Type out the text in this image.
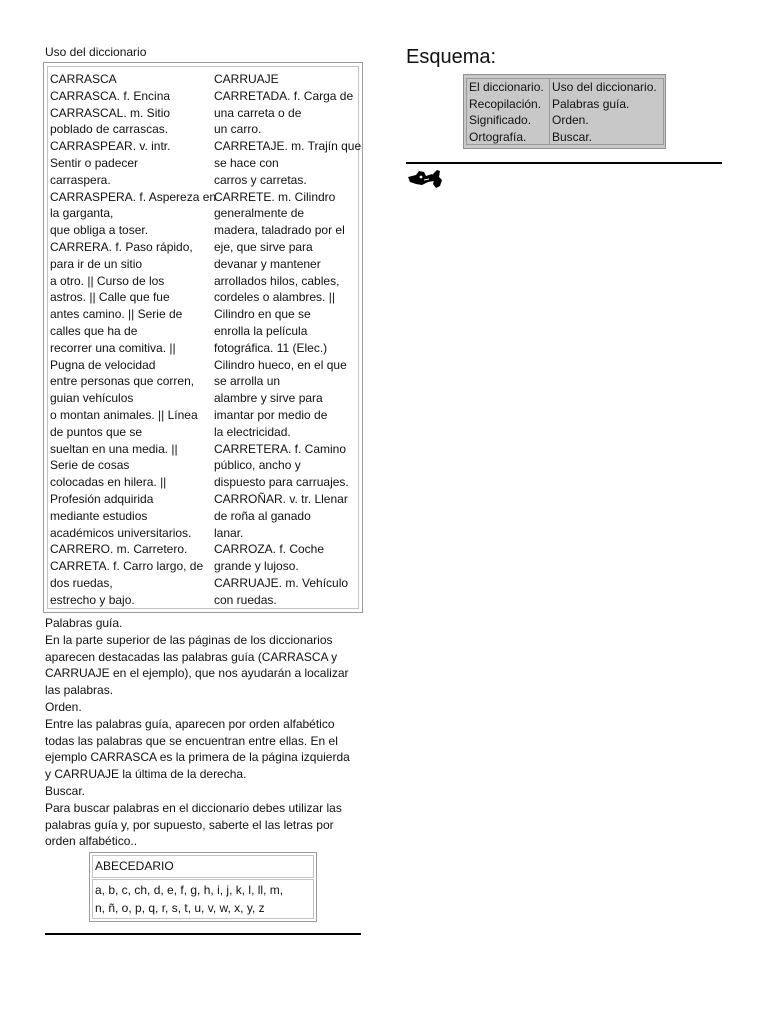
Uso del diccionario
CARRASCA
CARRASCA. f. Encina
CARRASCAL. m. Sitio
poblado de carrascas.
CARRASPEAR. v. intr.
Sentir o padecer
carraspera.
CARRASPERA. f. Aspereza en
la garganta,
que obliga a toser.
CARRERA. f. Paso rápido,
para ir de un sitio
a otro. || Curso de los
astros. || Calle que fue
antes camino. || Serie de
calles que ha de
recorrer una comitiva. ||
Pugna de velocidad
entre personas que corren,
guian vehículos
o montan animales. || Línea
de puntos que se
sueltan en una media. ||
Serie de cosas
colocadas en hilera. ||
Profesión adquirida
mediante estudios
académicos universitarios.
CARRERO. m. Carretero.
CARRETA. f. Carro largo, de
dos ruedas,
estrecho y bajo.
CARRUAJE
CARRETADA. f. Carga de
una carreta o de
un carro.
CARRETAJE. m. Trajín que
se hace con
carros y carretas.
CARRETE. m. Cilindro
generalmente de
madera, taladrado por el
eje, que sirve para
devanar y mantener
arrollados hilos, cables,
cordeles o alambres. ||
Cilindro en que se
enrolla la película
fotográfica. 11 (Elec.)
Cilindro hueco, en el que
se arrolla un
alambre y sirve para
imantar por medio de
la electricidad.
CARRETERA. f. Camino
público, ancho y
dispuesto para carruajes.
CARROÑAR. v. tr. Llenar
de roña al ganado
lanar.
CARROZA. f. Coche
grande y lujoso.
CARRUAJE. m. Vehículo
con ruedas.
Palabras guía.
En la parte superior de las páginas de los diccionarios
aparecen destacadas las palabras guía (CARRASCA y
CARRUAJE en el ejemplo), que nos ayudarán a localizar
las palabras.
Orden.
Entre las palabras guía, aparecen por orden alfabético
todas las palabras que se encuentran entre ellas. En el
ejemplo CARRASCA es la primera de la página izquierda
y CARRUAJE la última de la derecha.
Buscar.
Para buscar palabras en el diccionario debes utilizar las
palabras guía y, por supuesto, saberte el las letras por
orden alfabético..
ABECEDARIO
a, b, c, ch, d, e, f, g, h, i, j, k, l, ll, m,
n, ñ, o, p, q, r, s, t, u, v, w, x, y, z
Esquema:
El diccionario.
Recopilación.
Significado.
Ortografía.
Uso del diccionario.
Palabras guía.
Orden.
Buscar.
